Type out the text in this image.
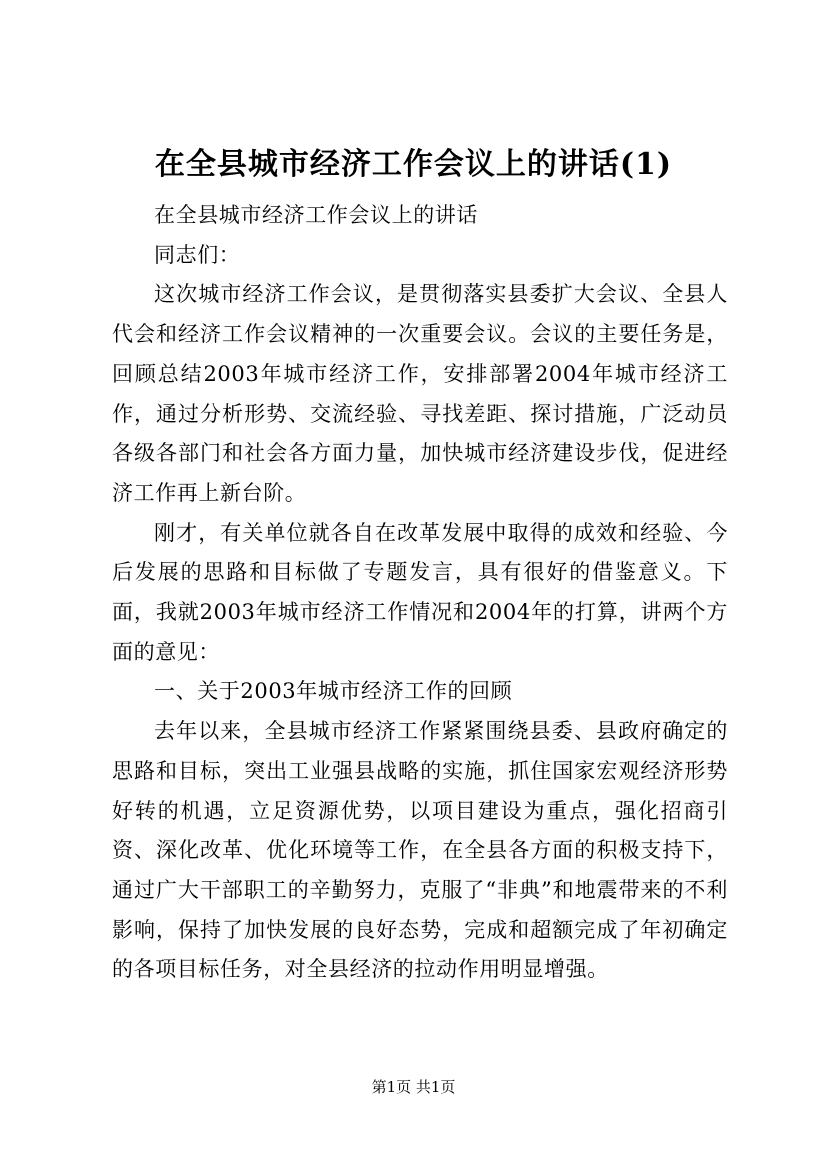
在全县城市经济工作会议上的讲话(1)

在全县城市经济工作会议上的讲话

同志们：

这次城市经济工作会议，是贯彻落实县委扩大会议、全县人代会和经济工作会议精神的一次重要会议。会议的主要任务是，回顾总结2003年城市经济工作，安排部署2004年城市经济工作，通过分析形势、交流经验、寻找差距、探讨措施，广泛动员各级各部门和社会各方面力量，加快城市经济建设步伐，促进经济工作再上新台阶。

刚才，有关单位就各自在改革发展中取得的成效和经验、今后发展的思路和目标做了专题发言，具有很好的借鉴意义。下面，我就2003年城市经济工作情况和2004年的打算，讲两个方面的意见：

一、关于2003年城市经济工作的回顾

去年以来，全县城市经济工作紧紧围绕县委、县政府确定的思路和目标，突出工业强县战略的实施，抓住国家宏观经济形势好转的机遇，立足资源优势，以项目建设为重点，强化招商引资、深化改革、优化环境等工作，在全县各方面的积极支持下，通过广大干部职工的辛勤努力，克服了“非典”和地震带来的不利影响，保持了加快发展的良好态势，完成和超额完成了年初确定的各项目标任务，对全县经济的拉动作用明显增强。

第1页 共1页
